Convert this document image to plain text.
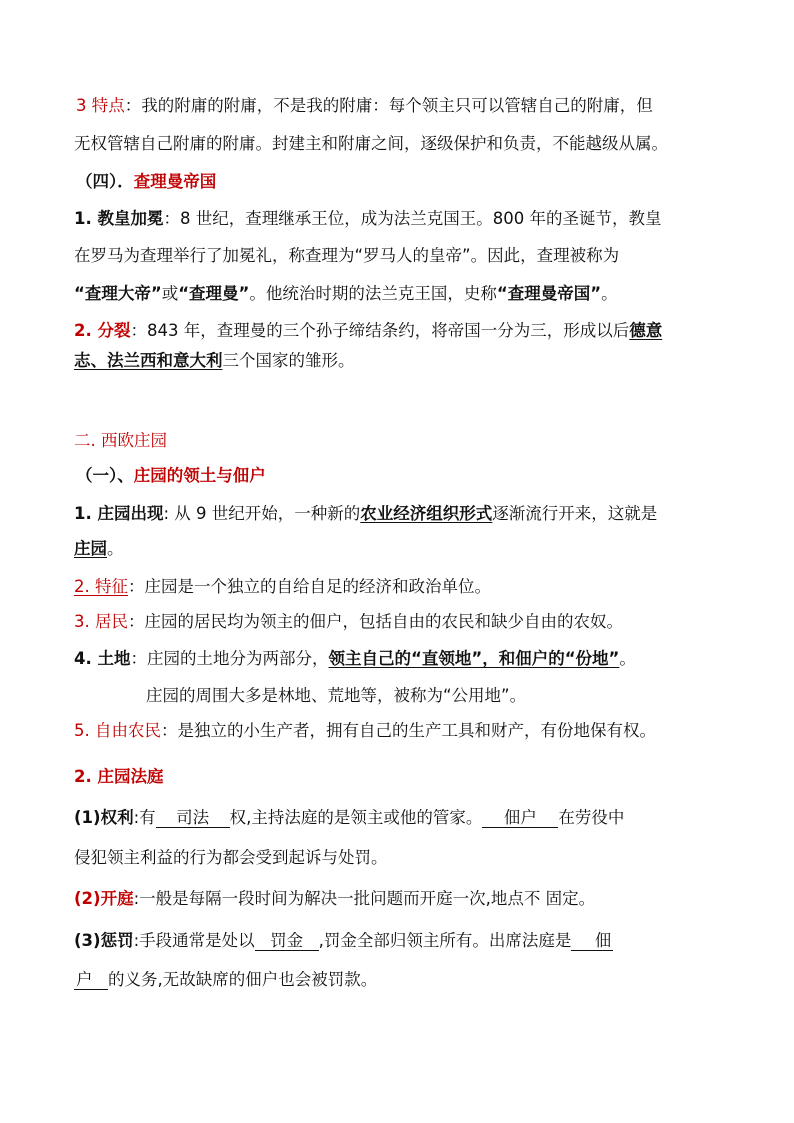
3 特点：我的附庸的附庸，不是我的附庸：每个领主只可以管辖自己的附庸，但
无权管辖自己附庸的附庸。封建主和附庸之间，逐级保护和负责，不能越级从属。
（四）．查理曼帝国
1. 教皇加冕：8 世纪，查理继承王位，成为法兰克国王。800 年的圣诞节，教皇
在罗马为查理举行了加冕礼，称查理为“罗马人的皇帝”。因此，查理被称为
“查理大帝”或“查理曼”。他统治时期的法兰克王国，史称“查理曼帝国”。
2. 分裂：843 年，查理曼的三个孙子缔结条约，将帝国一分为三，形成以后德意
志、法兰西和意大利三个国家的雏形。
二. 西欧庄园
（一）、庄园的领土与佃户
1. 庄园出现: 从 9 世纪开始，一种新的农业经济组织形式逐渐流行开来，这就是
庄园。
2. 特征：庄园是一个独立的自给自足的经济和政治单位。
3. 居民：庄园的居民均为领主的佃户，包括自由的农民和缺少自由的农奴。
4. 土地：庄园的土地分为两部分，领主自己的“直领地”，和佃户的“份地”。
庄园的周围大多是林地、荒地等，被称为“公用地”。
5. 自由农民：是独立的小生产者，拥有自己的生产工具和财产，有份地保有权。
2. 庄园法庭
(1)权利:有 司法 权,主持法庭的是领主或他的管家。 佃户 在劳役中
侵犯领主利益的行为都会受到起诉与处罚。
(2)开庭:一般是每隔一段时间为解决一批问题而开庭一次,地点不 固定。
(3)惩罚:手段通常是处以 罚金 ,罚金全部归领主所有。出席法庭是 佃
户 的义务,无故缺席的佃户也会被罚款。
